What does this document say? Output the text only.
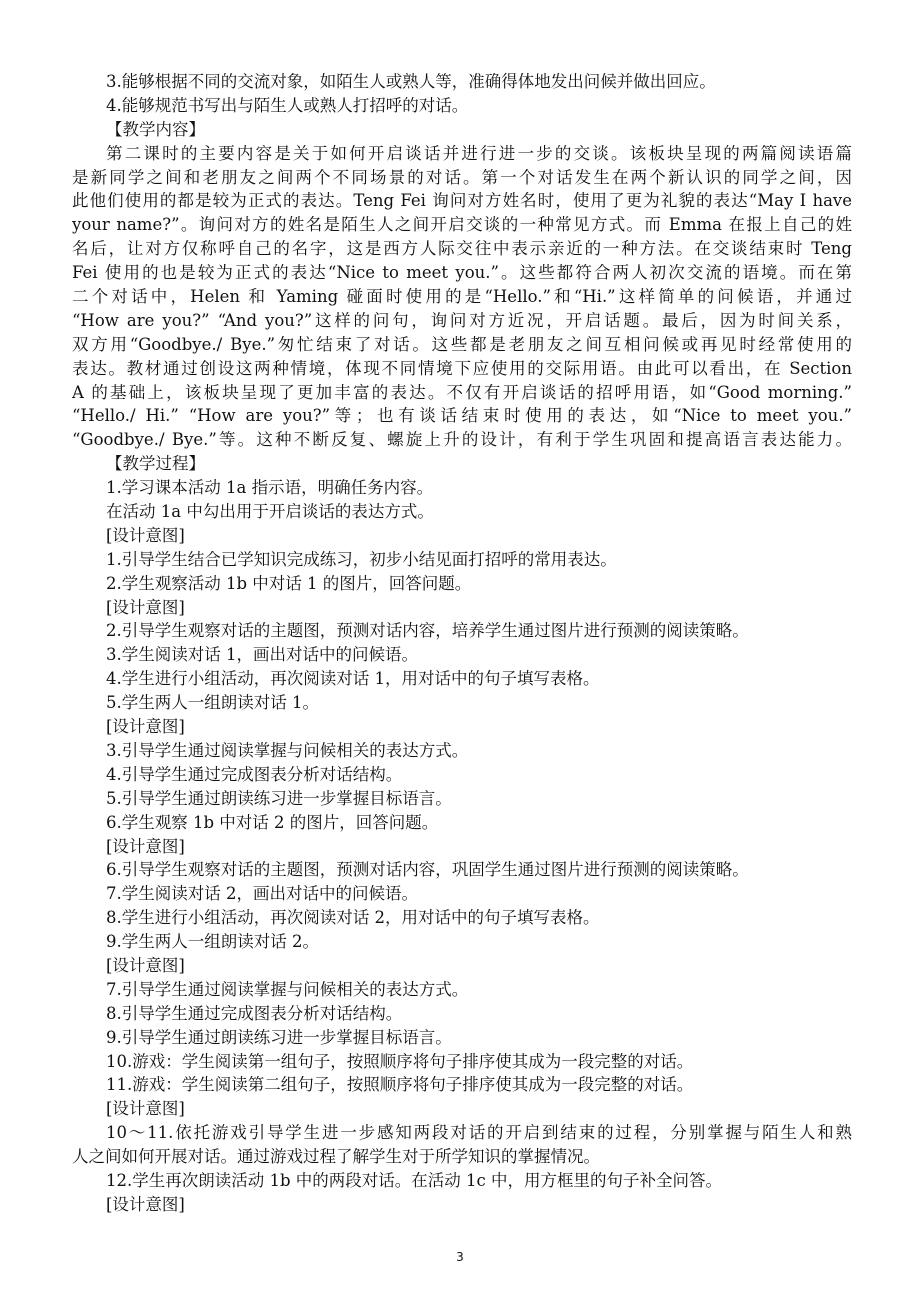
3.能够根据不同的交流对象，如陌生人或熟人等，准确得体地发出问候并做出回应。
4.能够规范书写出与陌生人或熟人打招呼的对话。
【教学内容】
第二课时的主要内容是关于如何开启谈话并进行进一步的交谈。该板块呈现的两篇阅读语篇
是新同学之间和老朋友之间两个不同场景的对话。第一个对话发生在两个新认识的同学之间，因
此他们使用的都是较为正式的表达。Teng Fei 询问对方姓名时，使用了更为礼貌的表达“May I have
your name?”。询问对方的姓名是陌生人之间开启交谈的一种常见方式。而 Emma 在报上自己的姓
名后，让对方仅称呼自己的名字，这是西方人际交往中表示亲近的一种方法。在交谈结束时 Teng
Fei 使用的也是较为正式的表达“Nice to meet you.”。这些都符合两人初次交流的语境。而在第
二个对话中，Helen 和 Yaming 碰面时使用的是“Hello.”和“Hi.”这样简单的问候语，并通过
“How are you?” “And you?”这样的问句，询问对方近况，开启话题。最后，因为时间关系，
双方用“Goodbye./ Bye.”匆忙结束了对话。这些都是老朋友之间互相问候或再见时经常使用的
表达。教材通过创设这两种情境，体现不同情境下应使用的交际用语。由此可以看出，在 Section
A 的基础上，该板块呈现了更加丰富的表达。不仅有开启谈话的招呼用语，如“Good morning.”
“Hello./ Hi.” “How are you?”等；也有谈话结束时使用的表达，如“Nice to meet you.”
“Goodbye./ Bye.”等。这种不断反复、螺旋上升的设计，有利于学生巩固和提高语言表达能力。
【教学过程】
1.学习课本活动 1a 指示语，明确任务内容。
在活动 1a 中勾出用于开启谈话的表达方式。
[设计意图]
1.引导学生结合已学知识完成练习，初步小结见面打招呼的常用表达。
2.学生观察活动 1b 中对话 1 的图片，回答问题。
[设计意图]
2.引导学生观察对话的主题图，预测对话内容，培养学生通过图片进行预测的阅读策略。
3.学生阅读对话 1，画出对话中的问候语。
4.学生进行小组活动，再次阅读对话 1，用对话中的句子填写表格。
5.学生两人一组朗读对话 1。
[设计意图]
3.引导学生通过阅读掌握与问候相关的表达方式。
4.引导学生通过完成图表分析对话结构。
5.引导学生通过朗读练习进一步掌握目标语言。
6.学生观察 1b 中对话 2 的图片，回答问题。
[设计意图]
6.引导学生观察对话的主题图，预测对话内容，巩固学生通过图片进行预测的阅读策略。
7.学生阅读对话 2，画出对话中的问候语。
8.学生进行小组活动，再次阅读对话 2，用对话中的句子填写表格。
9.学生两人一组朗读对话 2。
[设计意图]
7.引导学生通过阅读掌握与问候相关的表达方式。
8.引导学生通过完成图表分析对话结构。
9.引导学生通过朗读练习进一步掌握目标语言。
10.游戏：学生阅读第一组句子，按照顺序将句子排序使其成为一段完整的对话。
11.游戏：学生阅读第二组句子，按照顺序将句子排序使其成为一段完整的对话。
[设计意图]
10～11.依托游戏引导学生进一步感知两段对话的开启到结束的过程，分别掌握与陌生人和熟
人之间如何开展对话。通过游戏过程了解学生对于所学知识的掌握情况。
12.学生再次朗读活动 1b 中的两段对话。在活动 1c 中，用方框里的句子补全问答。
[设计意图]
3
